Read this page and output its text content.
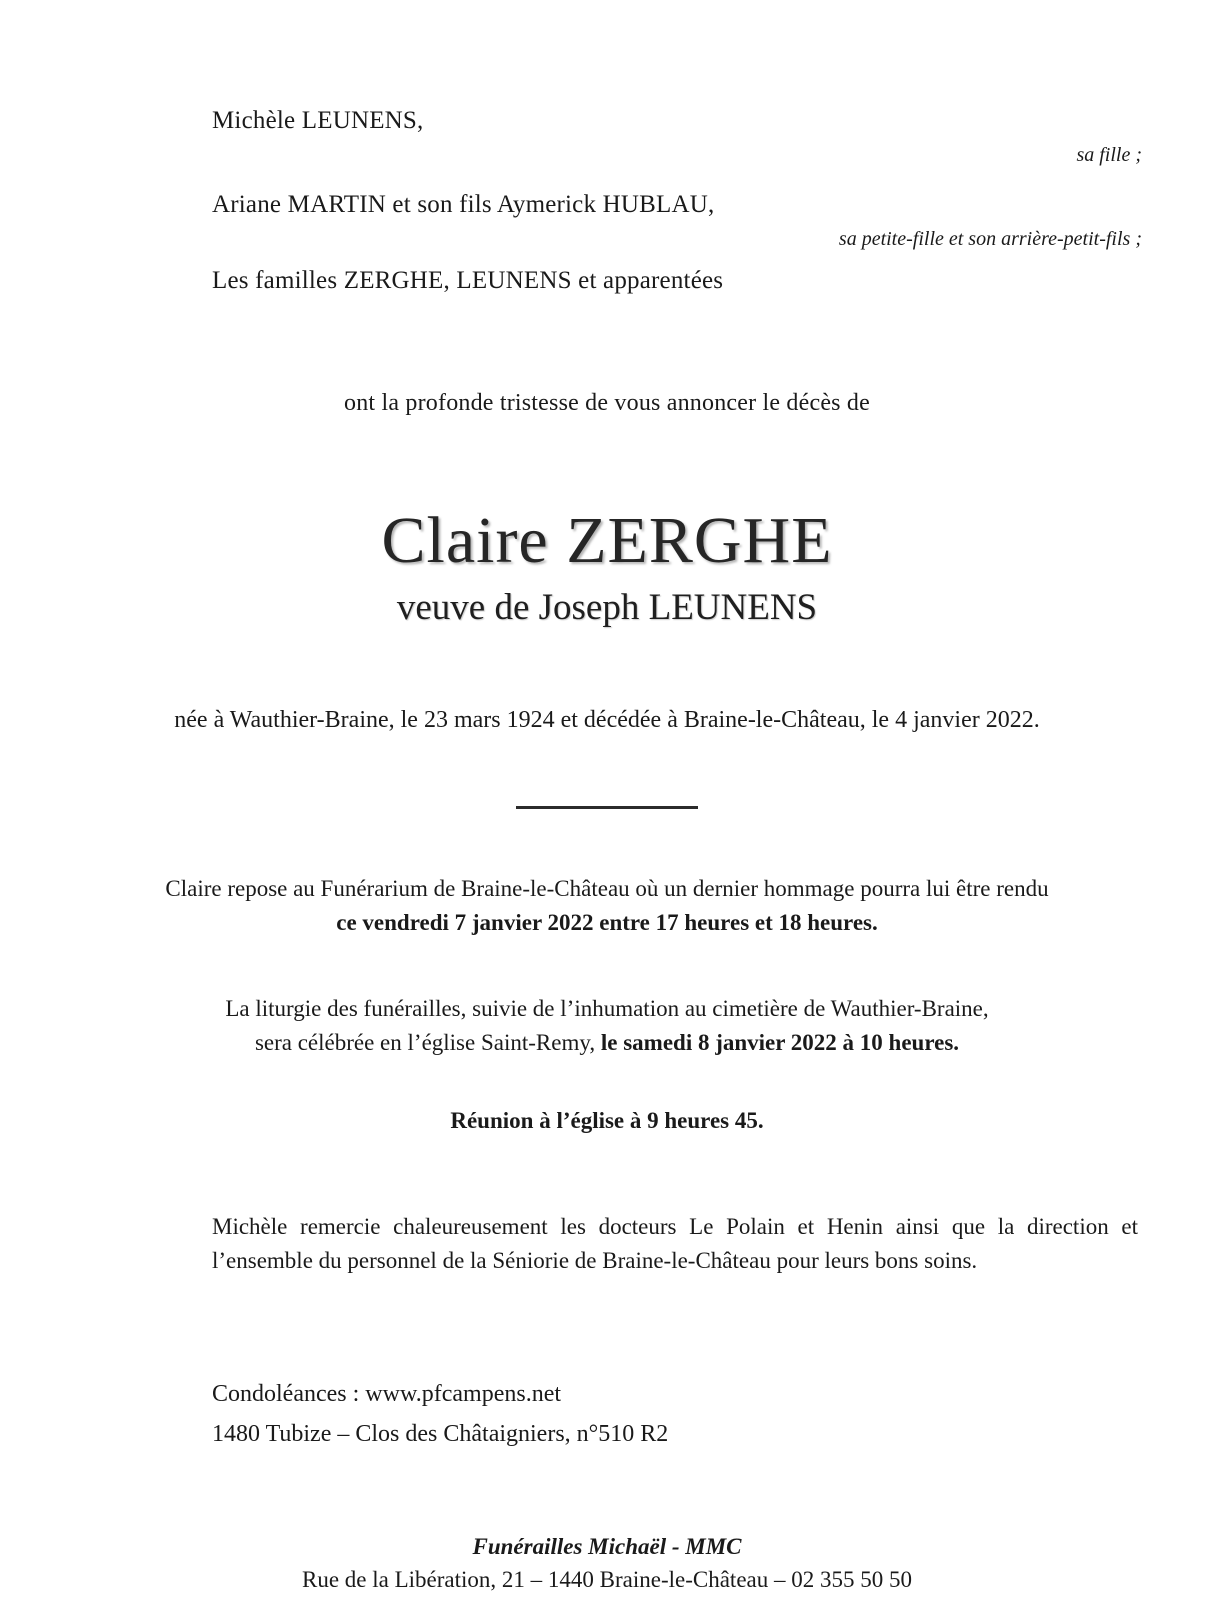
Michèle LEUNENS,
sa fille ;
Ariane MARTIN et son fils Aymerick HUBLAU,
sa petite-fille et son arrière-petit-fils ;
Les familles ZERGHE, LEUNENS et apparentées
ont la profonde tristesse de vous annoncer le décès de
Claire ZERGHE
veuve de Joseph LEUNENS
née à Wauthier-Braine, le 23 mars 1924 et décédée à Braine-le-Château, le 4 janvier 2022.
Claire repose au Funérarium de Braine-le-Château où un dernier hommage pourra lui être rendu
ce vendredi 7 janvier 2022 entre 17 heures et 18 heures.
La liturgie des funérailles, suivie de l’inhumation au cimetière de Wauthier-Braine,
sera célébrée en l’église Saint-Remy, le samedi 8 janvier 2022 à 10 heures.
Réunion à l’église à 9 heures 45.
Michèle remercie chaleureusement les docteurs Le Polain et Henin ainsi que la direction et l’ensemble du personnel de la Séniorie de Braine-le-Château pour leurs bons soins.
Condoléances : www.pfcampens.net
1480 Tubize – Clos des Châtaigniers, n°510 R2
Funérailles Michaël - MMC
Rue de la Libération, 21 – 1440 Braine-le-Château – 02 355 50 50
